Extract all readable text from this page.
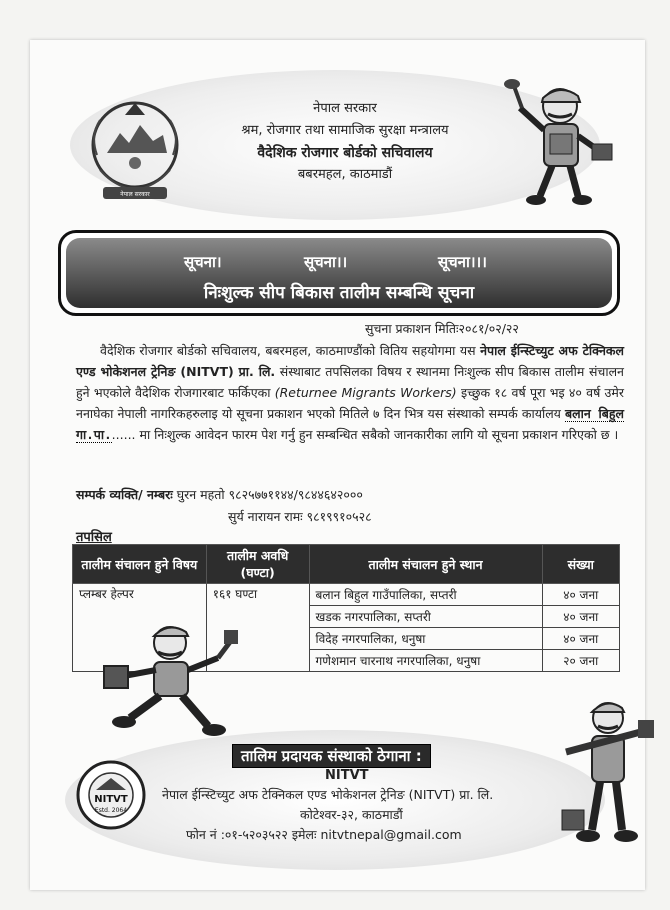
नेपाल सरकार
नेपाल सरकार
श्रम, रोजगार तथा सामाजिक सुरक्षा मन्त्रालय
वैदेशिक रोजगार बोर्डको सचिवालय
बबरमहल, काठमाडौं
सूचना।	सूचना।।	सूचना।।।
निःशुल्क सीप बिकास तालीम सम्बन्धि सूचना
सुचना प्रकाशन मितिः२०८१/०२/२२
वैदेशिक रोजगार बोर्डको सचिवालय, बबरमहल, काठमाण्डौंको वितिय सहयोगमा यस नेपाल ईन्स्टिच्युट अफ टेक्निकल एण्ड भोकेशनल ट्रेनिङ (NITVT) प्रा. लि. संस्थाबाट तपसिलका विषय र स्थानमा निःशुल्क सीप बिकास तालीम संचालन हुने भएकोले वैदेशिक रोजगारबाट फर्किएका (Returnee Migrants Workers) इच्छुक १८ वर्ष पूरा भइ ४० वर्ष उमेर ननाघेका नेपाली नागरिकहरुलाइ यो सूचना प्रकाशन भएको मितिले ७ दिन भित्र यस संस्थाको सम्पर्क कार्यालय बलान बिहुल गा.पा....... मा निःशुल्क आवेदन फारम पेश गर्नु हुन सम्बन्धित सबैको जानकारीका लागि यो सूचना प्रकाशन गरिएको छ ।
सम्पर्क व्यक्ति/ नम्बरः घुरन महतो ९८२५७७११४४/९८४४६४२०००
सुर्य नारायन रामः ९८१९९१०५२८
तपसिल
तालीम संचालन हुने विषय	तालीम अवधि (घण्टा)	तालीम संचालन हुने स्थान	संख्या
प्लम्बर हेल्पर	१६१ घण्टा	बलान बिहुल गाउँपालिका, सप्तरी	४० जना
		खडक नगरपालिका, सप्तरी	४० जना
		विदेह नगरपालिका, धनुषा	४० जना
		गणेशमान चारनाथ नगरपालिका, धनुषा	२० जना
तालिम प्रदायक संस्थाको ठेगाना :
NITVT
नेपाल ईन्स्टिच्युट अफ टेक्निकल एण्ड भोकेशनल ट्रेनिङ (NITVT) प्रा. लि.
कोटेश्वर-३२, काठमाडौं
फोन नं :०१-५२०३५२२ इमेलः nitvtnepal@gmail.com
NITVT
Estd. 2064
